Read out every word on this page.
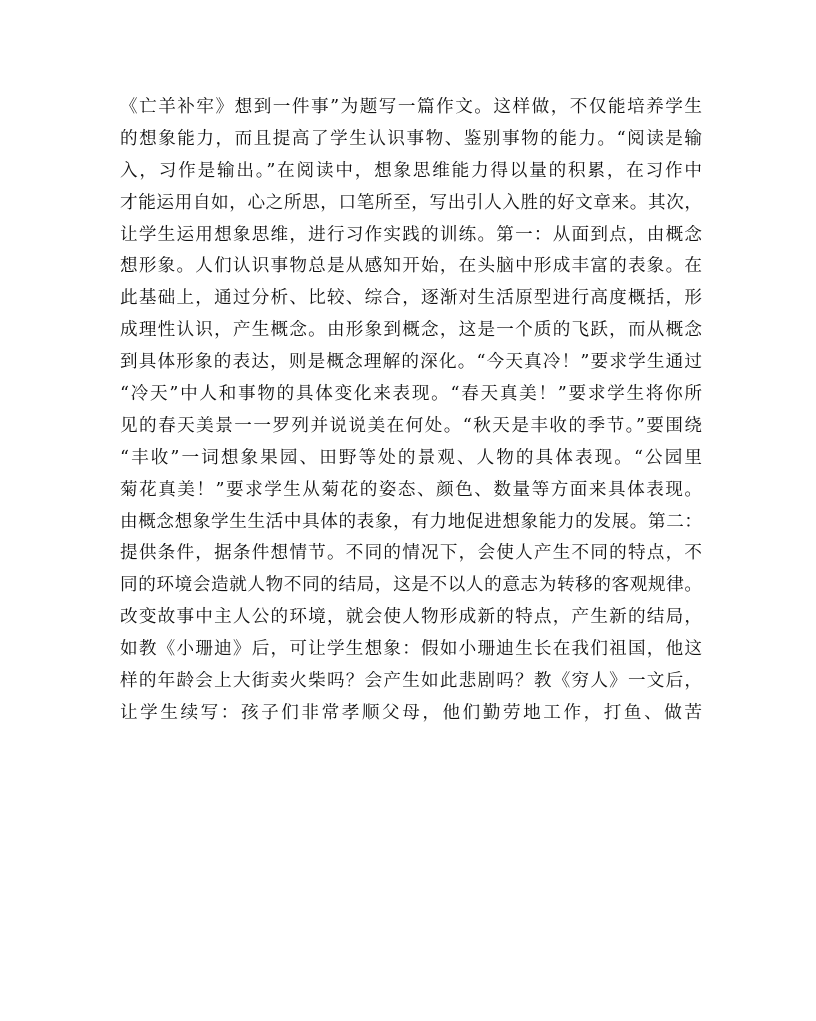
《亡羊补牢》想到一件事”为题写一篇作文。这样做，不仅能培养学生
的想象能力，而且提高了学生认识事物、鉴别事物的能力。“阅读是输
入，习作是输出。”在阅读中，想象思维能力得以量的积累，在习作中
才能运用自如，心之所思，口笔所至，写出引人入胜的好文章来。其次，
让学生运用想象思维，进行习作实践的训练。第一：从面到点，由概念
想形象。人们认识事物总是从感知开始，在头脑中形成丰富的表象。在
此基础上，通过分析、比较、综合，逐渐对生活原型进行高度概括，形
成理性认识，产生概念。由形象到概念，这是一个质的飞跃，而从概念
到具体形象的表达，则是概念理解的深化。“今天真冷！”要求学生通过
“冷天”中人和事物的具体变化来表现。“春天真美！”要求学生将你所
见的春天美景一一罗列并说说美在何处。“秋天是丰收的季节。”要围绕
“丰收”一词想象果园、田野等处的景观、人物的具体表现。“公园里
菊花真美！”要求学生从菊花的姿态、颜色、数量等方面来具体表现。
由概念想象学生生活中具体的表象，有力地促进想象能力的发展。第二：
提供条件，据条件想情节。不同的情况下，会使人产生不同的特点，不
同的环境会造就人物不同的结局，这是不以人的意志为转移的客观规律。
改变故事中主人公的环境，就会使人物形成新的特点，产生新的结局，
如教《小珊迪》后，可让学生想象：假如小珊迪生长在我们祖国，他这
样的年龄会上大街卖火柴吗？会产生如此悲剧吗？教《穷人》一文后，
让学生续写：孩子们非常孝顺父母，他们勤劳地工作，打鱼、做苦
